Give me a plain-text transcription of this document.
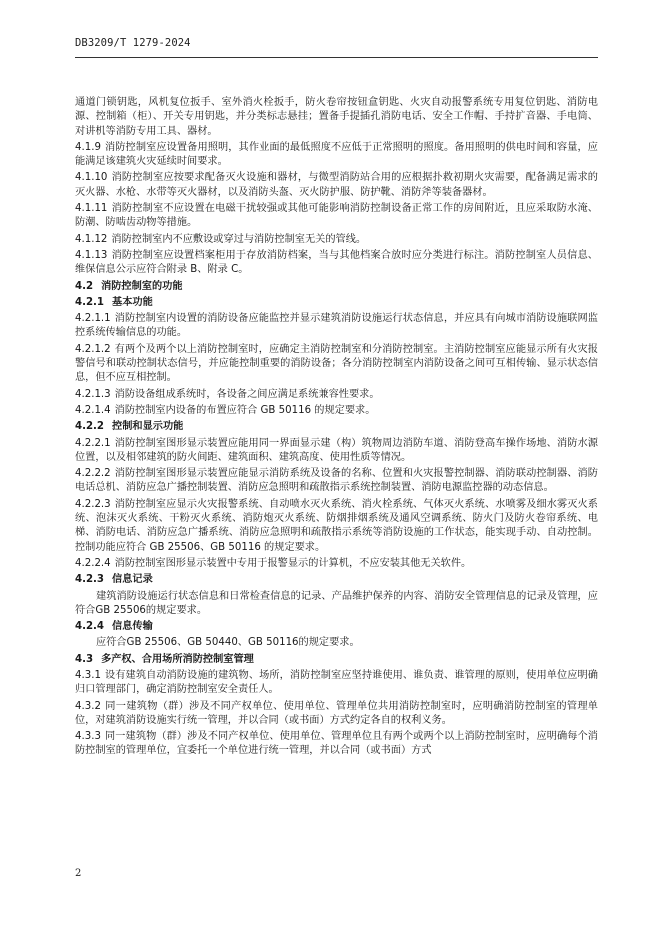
DB3209/T 1279-2024
通道门锁钥匙，风机复位扳手、室外消火栓扳手，防火卷帘按钮盒钥匙、火灾自动报警系统专用复位钥匙、消防电源、控制箱（柜）、开关专用钥匙，并分类标志悬挂；置备手提插孔消防电话、安全工作帽、手持扩音器、手电筒、对讲机等消防专用工具、器材。
4.1.9 消防控制室应设置备用照明，其作业面的最低照度不应低于正常照明的照度。备用照明的供电时间和容量，应能满足该建筑火灾延续时间要求。
4.1.10 消防控制室应按要求配备灭火设施和器材，与微型消防站合用的应根据扑救初期火灾需要，配备满足需求的灭火器、水枪、水带等灭火器材，以及消防头盔、灭火防护服、防护靴、消防斧等装备器材。
4.1.11 消防控制室不应设置在电磁干扰较强或其他可能影响消防控制设备正常工作的房间附近，且应采取防水淹、防潮、防啮齿动物等措施。
4.1.12 消防控制室内不应敷设或穿过与消防控制室无关的管线。
4.1.13 消防控制室应设置档案柜用于存放消防档案，当与其他档案合放时应分类进行标注。消防控制室人员信息、维保信息公示应符合附录 B、附录 C。
4.2 消防控制室的功能
4.2.1 基本功能
4.2.1.1 消防控制室内设置的消防设备应能监控并显示建筑消防设施运行状态信息，并应具有向城市消防设施联网监控系统传输信息的功能。
4.2.1.2 有两个及两个以上消防控制室时，应确定主消防控制室和分消防控制室。主消防控制室应能显示所有火灾报警信号和联动控制状态信号，并应能控制重要的消防设备；各分消防控制室内消防设备之间可互相传输、显示状态信息，但不应互相控制。
4.2.1.3 消防设备组成系统时，各设备之间应满足系统兼容性要求。
4.2.1.4 消防控制室内设备的布置应符合 GB 50116 的规定要求。
4.2.2 控制和显示功能
4.2.2.1 消防控制室图形显示装置应能用同一界面显示建（构）筑物周边消防车道、消防登高车操作场地、消防水源位置，以及相邻建筑的防火间距、建筑面积、建筑高度、使用性质等情况。
4.2.2.2 消防控制室图形显示装置应能显示消防系统及设备的名称、位置和火灾报警控制器、消防联动控制器、消防电话总机、消防应急广播控制装置、消防应急照明和疏散指示系统控制装置、消防电源监控器的动态信息。
4.2.2.3 消防控制室应显示火灾报警系统、自动喷水灭火系统、消火栓系统、气体灭火系统、水喷雾及细水雾灭火系统、泡沫灭火系统、干粉灭火系统、消防炮灭火系统、防烟排烟系统及通风空调系统、防火门及防火卷帘系统、电梯、消防电话、消防应急广播系统、消防应急照明和疏散指示系统等消防设施的工作状态，能实现手动、自动控制。控制功能应符合 GB 25506、GB 50116 的规定要求。
4.2.2.4 消防控制室图形显示装置中专用于报警显示的计算机，不应安装其他无关软件。
4.2.3 信息记录
建筑消防设施运行状态信息和日常检查信息的记录、产品维护保养的内容、消防安全管理信息的记录及管理，应符合GB 25506的规定要求。
4.2.4 信息传输
应符合GB 25506、GB 50440、GB 50116的规定要求。
4.3 多产权、合用场所消防控制室管理
4.3.1 设有建筑自动消防设施的建筑物、场所，消防控制室应坚持谁使用、谁负责、谁管理的原则，使用单位应明确归口管理部门，确定消防控制室安全责任人。
4.3.2 同一建筑物（群）涉及不同产权单位、使用单位、管理单位共用消防控制室时，应明确消防控制室的管理单位，对建筑消防设施实行统一管理，并以合同（或书面）方式约定各自的权利义务。
4.3.3 同一建筑物（群）涉及不同产权单位、使用单位、管理单位且有两个或两个以上消防控制室时，应明确每个消防控制室的管理单位，宜委托一个单位进行统一管理，并以合同（或书面）方式
2
